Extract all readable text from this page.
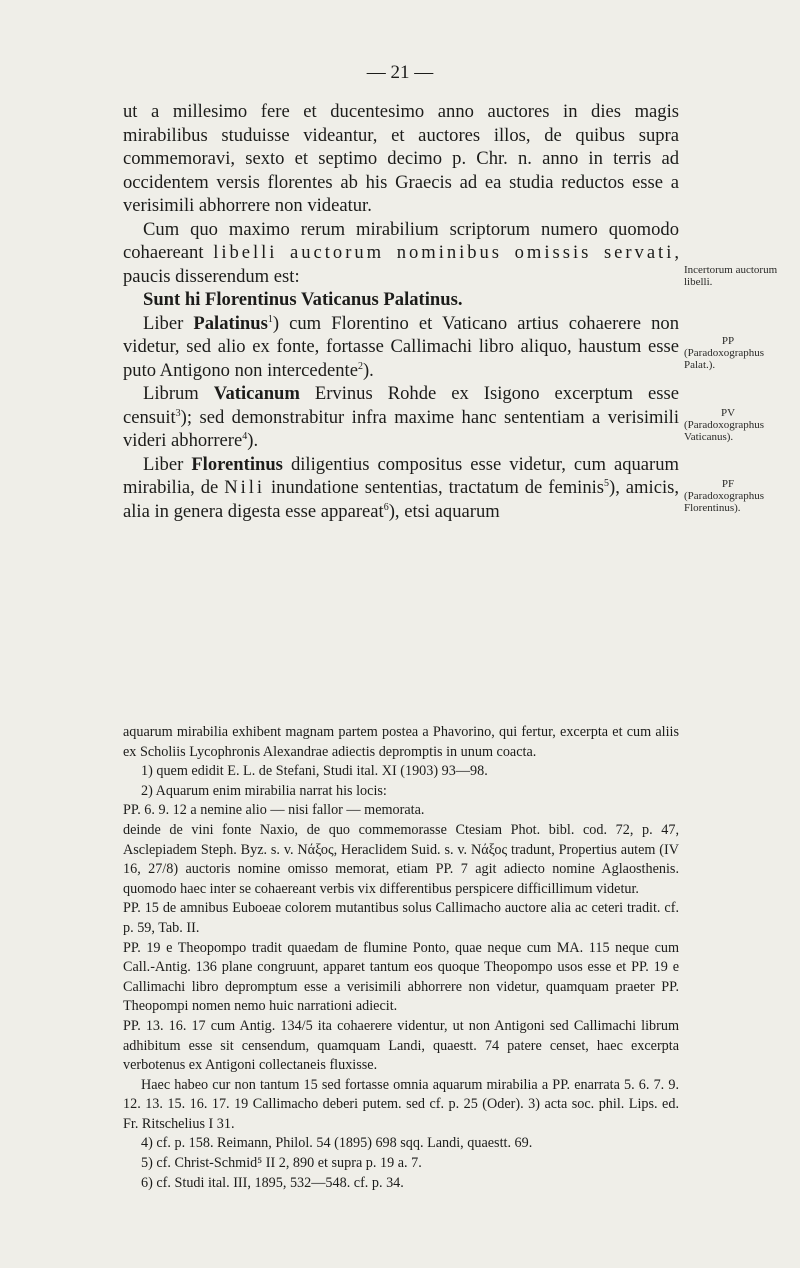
— 21 —

ut a millesimo fere et ducentesimo anno auctores in dies magis mirabilibus studuisse videantur, et auctores illos, de quibus supra commemoravi, sexto et septimo decimo p. Chr. n. anno in terris ad occidentem versis florentes ab his Graecis ad ea studia reductos esse a verisimili abhorrere non videatur.

Cum quo maximo rerum mirabilium scriptorum numero quomodo cohaereant libelli auctorum nominibus omissis servati, paucis disserendum est:

Sunt hi Florentinus Vaticanus Palatinus.

Liber Palatinus$^1$) cum Florentino et Vaticano artius cohaerere non videtur, sed alio ex fonte, fortasse Callimachi libro aliquo, haustum esse puto Antigono non intercedente$^2$).

Librum Vaticanum Ervinus Rohde ex Isigono excerptum esse censuit$^3$); sed demonstrabitur infra maxime hanc sententiam a verisimili videri abhorrere$^4$).

Liber Florentinus diligentius compositus esse videtur, cum aquarum mirabilia, de Nili inundatione sententias, tractatum de feminis$^5$), amicis, alia in genera digesta esse appareat$^6$), etsi aquarum

Incertorum auctorum libelli.
PP
(Paradoxographus Palat.).
PV
(Paradoxographus Vaticanus).
PF
(Paradoxographus Florentinus).

aquarum mirabilia exhibent magnam partem postea a Phavorino, qui fertur, excerpta et cum aliis ex Scholiis Lycophronis Alexandrae adiectis depromptis in unum coacta.

1) quem edidit E. L. de Stefani, Studi ital. XI (1903) 93—98.

2) Aquarum enim mirabilia narrat his locis:

PP. 6. 9. 12 a nemine alio — nisi fallor — memorata.

deinde de vini fonte Naxio, de quo commemorasse Ctesiam Phot. bibl. cod. 72, p. 47, Asclepiadem Steph. Byz. s. v. Νάξος, Heraclidem Suid. s. v. Νάξος tradunt, Propertius autem (IV 16, 27/8) auctoris nomine omisso memorat, etiam PP. 7 agit adiecto nomine Aglaosthenis. quomodo haec inter se cohaereant verbis vix differentibus perspicere difficillimum videtur.

PP. 15 de amnibus Euboeae colorem mutantibus solus Callimacho auctore alia ac ceteri tradit. cf. p. 59, Tab. II.

PP. 19 e Theopompo tradit quaedam de flumine Ponto, quae neque cum MA. 115 neque cum Call.-Antig. 136 plane congruunt, apparet tantum eos quoque Theopompo usos esse et PP. 19 e Callimachi libro depromptum esse a verisimili abhorrere non videtur, quamquam praeter PP. Theopompi nomen nemo huic narrationi adiecit.

PP. 13. 16. 17 cum Antig. 134/5 ita cohaerere videntur, ut non Antigoni sed Callimachi librum adhibitum esse sit censendum, quamquam Landi, quaestt. 74 patere censet, haec excerpta verbotenus ex Antigoni collectaneis fluxisse.

Haec habeo cur non tantum 15 sed fortasse omnia aquarum mirabilia a PP. enarrata 5. 6. 7. 9. 12. 13. 15. 16. 17. 19 Callimacho deberi putem. sed cf. p. 25 (Oder). 3) acta soc. phil. Lips. ed. Fr. Ritschelius I 31.

4) cf. p. 158. Reimann, Philol. 54 (1895) 698 sqq. Landi, quaestt. 69.

5) cf. Christ-Schmid⁵ II 2, 890 et supra p. 19 a. 7.

6) cf. Studi ital. III, 1895, 532—548. cf. p. 34.
